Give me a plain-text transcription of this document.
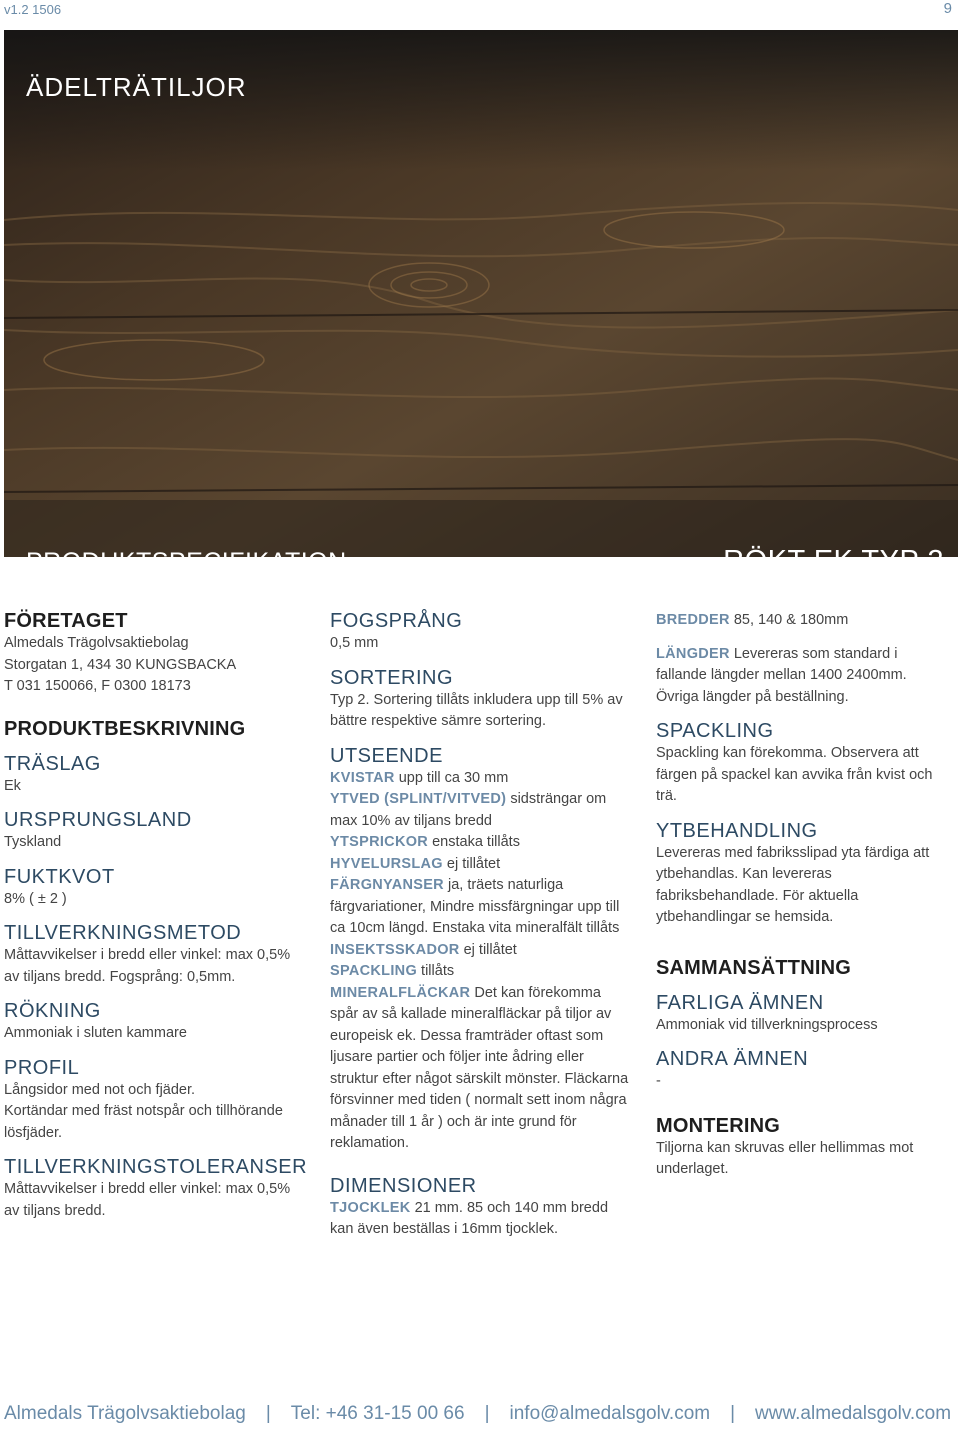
v1.2 1506	9
ÄDELTRÄTILJOR
PRODUKTSPECIFIKATION	RÖKT EK TYP 2

FÖRETAGET

Almedals Trägolvsaktiebolag

Storgatan 1, 434 30 KUNGSBACKA

T 031 150066, F 0300 18173

PRODUKTBESKRIVNING

TRÄSLAG

Ek

URSPRUNGSLAND

Tyskland

FUKTKVOT

8% ( ± 2 )

TILLVERKNINGSMETOD

Måttavvikelser i bredd eller vinkel: max 0,5% av tiljans bredd. Fogsprång: 0,5mm.

RÖKNING

Ammoniak i sluten kammare

PROFIL

Långsidor med not och fjäder.

Kortändar med fräst notspår och tillhörande lösfjäder.

TILLVERKNINGSTOLERANSER

Måttavvikelser i bredd eller vinkel: max 0,5% av tiljans bredd.

FOGSPRÅNG

0,5 mm

SORTERING

Typ 2. Sortering tillåts inkludera upp till 5% av bättre respektive sämre sortering.

UTSEENDE

KVISTAR upp till ca 30 mm

YTVED (SPLINT/VITVED) sidsträngar om max 10% av tiljans bredd

YTSPRICKOR enstaka tillåts

HYVELURSLAG ej tillåtet

FÄRGNYANSER ja, träets naturliga färgvariationer, Mindre missfärgningar upp till ca 10cm längd. Enstaka vita mineralfält tillåts

INSEKTSSKADOR ej tillåtet

SPACKLING tillåts

MINERALFLÄCKAR Det kan förekomma spår av så kallade mineralfläckar på tiljor av europeisk ek. Dessa framträder oftast som ljusare partier och följer inte ådring eller struktur efter något särskilt mönster. Fläckarna försvinner med tiden ( normalt sett inom några månader till 1 år ) och är inte grund för reklamation.

DIMENSIONER

TJOCKLEK 21 mm. 85 och 140 mm bredd kan även beställas i 16mm tjocklek.

BREDDER 85, 140 & 180mm

LÄNGDER Levereras som standard i fallande längder mellan 1400 2400mm. Övriga längder på beställning.

SPACKLING

Spackling kan förekomma. Observera att färgen på spackel kan avvika från kvist och trä.

YTBEHANDLING

Levereras med fabriksslipad yta färdiga att ytbehandlas. Kan levereras fabriksbehandlade. För aktuella ytbehandlingar se hemsida.

SAMMANSÄTTNING

FARLIGA ÄMNEN

Ammoniak vid tillverkningsprocess

ANDRA ÄMNEN

-

MONTERING

Tiljorna kan skruvas eller hellimmas mot underlaget.

Almedals Trägolvsaktiebolag | Tel: +46 31-15 00 66 | info@almedalsgolv.com | www.almedalsgolv.com
